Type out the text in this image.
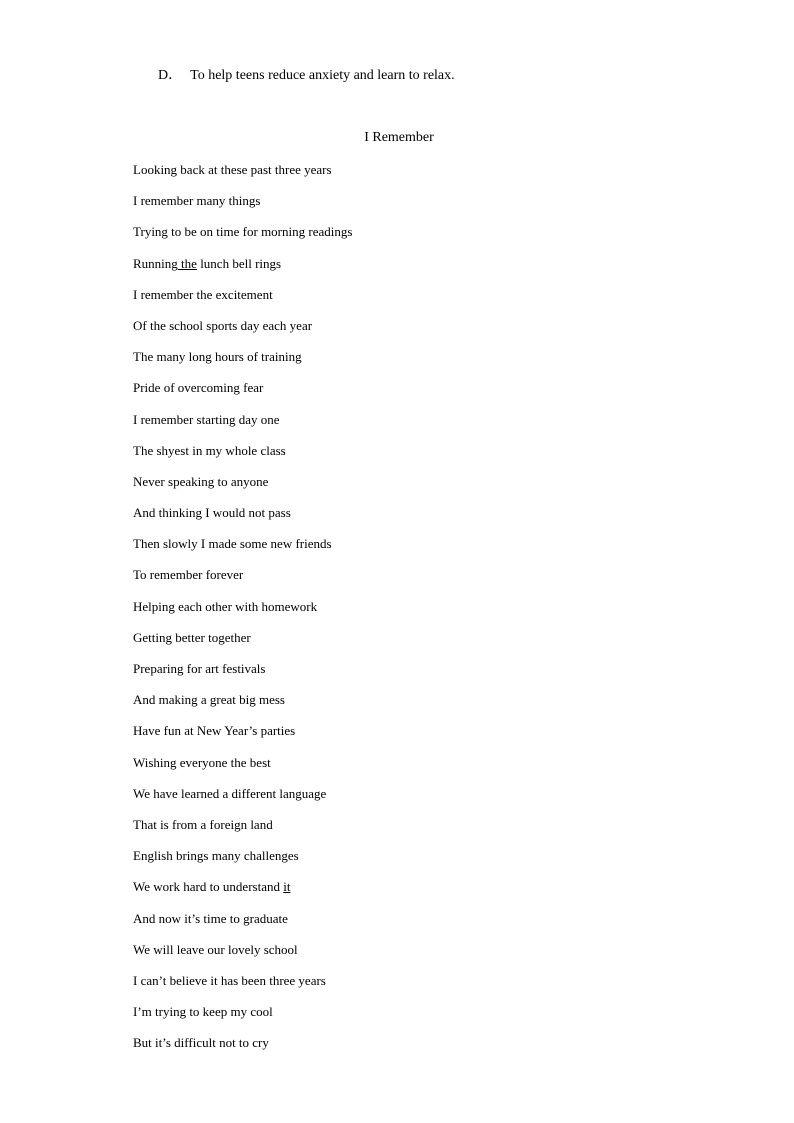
D． To help teens reduce anxiety and learn to relax.
I Remember
Looking back at these past three years
I remember many things
Trying to be on time for morning readings
Running the lunch bell rings
I remember the excitement
Of the school sports day each year
The many long hours of training
Pride of overcoming fear
I remember starting day one
The shyest in my whole class
Never speaking to anyone
And thinking I would not pass
Then slowly I made some new friends
To remember forever
Helping each other with homework
Getting better together
Preparing for art festivals
And making a great big mess
Have fun at New Year’s parties
Wishing everyone the best
We have learned a different language
That is from a foreign land
English brings many challenges
We work hard to understand it
And now it’s time to graduate
We will leave our lovely school
I can’t believe it has been three years
I’m trying to keep my cool
But it’s difficult not to cry
